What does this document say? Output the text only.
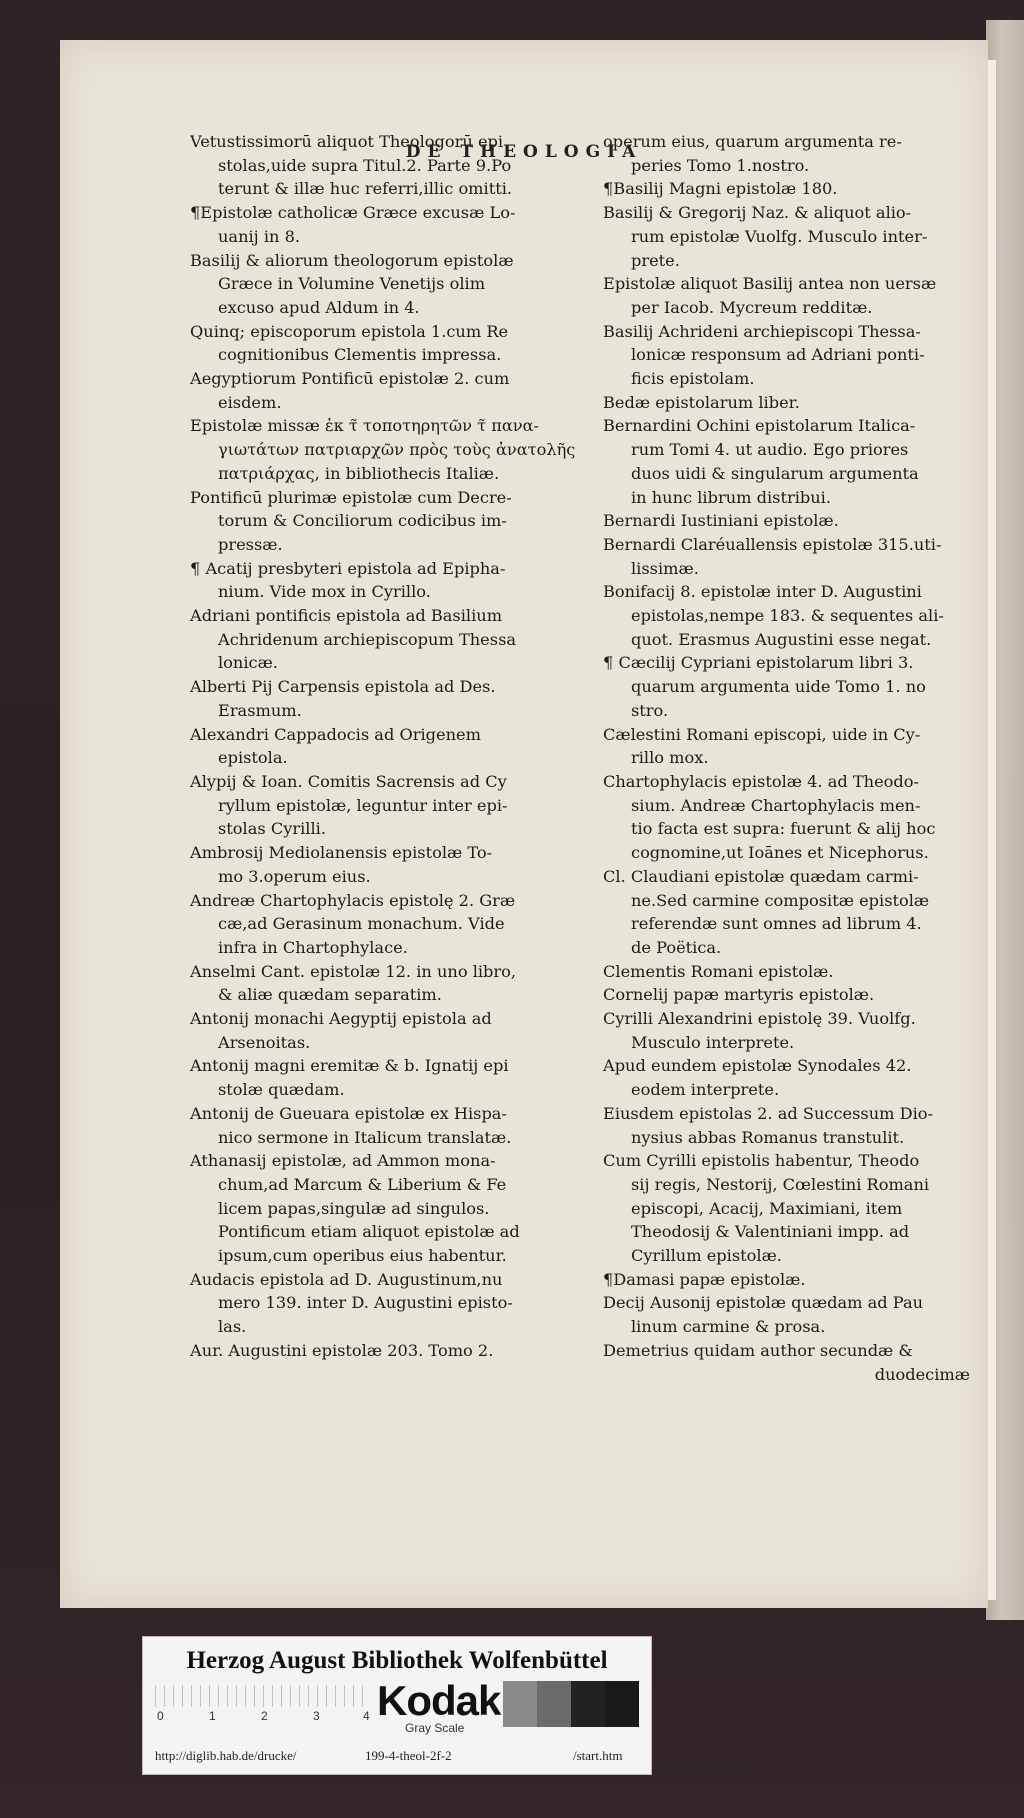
DE THEOLOGIA
Vetustissimorū aliquot Theologorū epi
stolas,uide supra Titul.2. Parte 9.Po
terunt & illæ huc referri,illic omitti.
¶Epistolæ catholicæ Græce excusæ Lo-
uanij in 8.
Basilij & aliorum theologorum epistolæ
Græce in Volumine Venetijs olim
excuso apud Aldum in 4.
Quinq; episcoporum epistola 1.cum Re
cognitionibus Clementis impressa.
Aegyptiorum Pontificū epistolæ 2. cum
eisdem.
Epistolæ missæ ἐκ τ̃ τοποτηρητῶν τ̃ πανα-
γιωτάτων πατριαρχῶν πρὸς τοὺς ἀνατολῆς
πατριάρχας, in bibliothecis Italiæ.
Pontificū plurimæ epistolæ cum Decre-
torum & Conciliorum codicibus im-
pressæ.
¶ Acatij presbyteri epistola ad Epipha-
nium. Vide mox in Cyrillo.
Adriani pontificis epistola ad Basilium
Achridenum archiepiscopum Thessa
lonicæ.
Alberti Pij Carpensis epistola ad Des.
Erasmum.
Alexandri Cappadocis ad Origenem
epistola.
Alypij & Ioan. Comitis Sacrensis ad Cy
ryllum epistolæ, leguntur inter epi-
stolas Cyrilli.
Ambrosij Mediolanensis epistolæ To-
mo 3.operum eius.
Andreæ Chartophylacis epistolę 2. Græ
cæ,ad Gerasinum monachum. Vide
infra in Chartophylace.
Anselmi Cant. epistolæ 12. in uno libro,
& aliæ quædam separatim.
Antonij monachi Aegyptij epistola ad
Arsenoitas.
Antonij magni eremitæ & b. Ignatij epi
stolæ quædam.
Antonij de Gueuara epistolæ ex Hispa-
nico sermone in Italicum translatæ.
Athanasij epistolæ, ad Ammon mona-
chum,ad Marcum & Liberium & Fe
licem papas,singulæ ad singulos.
Pontificum etiam aliquot epistolæ ad
ipsum,cum operibus eius habentur.
Audacis epistola ad D. Augustinum,nu
mero 139. inter D. Augustini episto-
las.
Aur. Augustini epistolæ 203. Tomo 2.
operum eius, quarum argumenta re-
peries Tomo 1.nostro.
¶Basilij Magni epistolæ 180.
Basilij & Gregorij Naz. & aliquot alio-
rum epistolæ Vuolfg. Musculo inter-
prete.
Epistolæ aliquot Basilij antea non uersæ
per Iacob. Mycreum redditæ.
Basilij Achrideni archiepiscopi Thessa-
lonicæ responsum ad Adriani ponti-
ficis epistolam.
Bedæ epistolarum liber.
Bernardini Ochini epistolarum Italica-
rum Tomi 4. ut audio. Ego priores
duos uidi & singularum argumenta
in hunc librum distribui.
Bernardi Iustiniani epistolæ.
Bernardi Claréuallensis epistolæ 315.uti-
lissimæ.
Bonifacij 8. epistolæ inter D. Augustini
epistolas,nempe 183. & sequentes ali-
quot. Erasmus Augustini esse negat.
¶ Cæcilij Cypriani epistolarum libri 3.
quarum argumenta uide Tomo 1. no
stro.
Cælestini Romani episcopi, uide in Cy-
rillo mox.
Chartophylacis epistolæ 4. ad Theodo-
sium. Andreæ Chartophylacis men-
tio facta est supra: fuerunt & alij hoc
cognomine,ut Ioānes et Nicephorus.
Cl. Claudiani epistolæ quædam carmi-
ne.Sed carmine compositæ epistolæ
referendæ sunt omnes ad librum 4.
de Poëtica.
Clementis Romani epistolæ.
Cornelij papæ martyris epistolæ.
Cyrilli Alexandrini epistolę 39. Vuolfg.
Musculo interprete.
Apud eundem epistolæ Synodales 42.
eodem interprete.
Eiusdem epistolas 2. ad Successum Dio-
nysius abbas Romanus transtulit.
Cum Cyrilli epistolis habentur, Theodo
sij regis, Nestorij, Cœlestini Romani
episcopi, Acacij, Maximiani, item
Theodosij & Valentiniani impp. ad
Cyrillum epistolæ.
¶Damasi papæ epistolæ.
Decij Ausonij epistolæ quædam ad Pau
linum carmine & prosa.
Demetrius quidam author secundæ &
duodecimæ
Herzog August Bibliothek Wolfenbüttel
0	1	2	3	4 Kodak
Gray Scale
http://diglib.hab.de/drucke/	199-4-theol-2f-2	/start.htm
